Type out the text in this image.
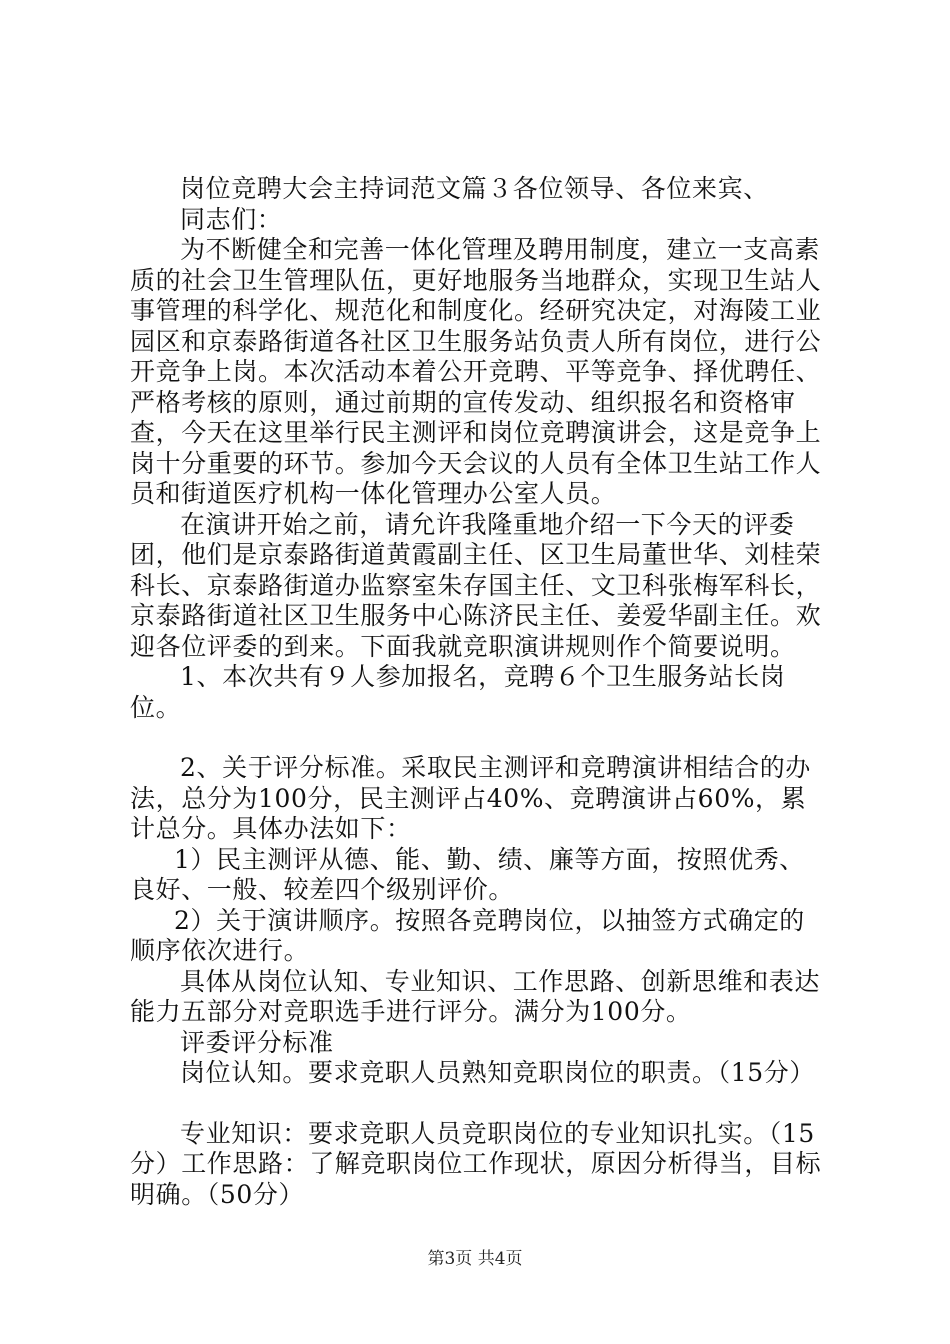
岗位竞聘大会主持词范文篇３各位领导、各位来宾、

同志们：

为不断健全和完善一体化管理及聘用制度，建立一支高素质的社会卫生管理队伍，更好地服务当地群众，实现卫生站人事管理的科学化、规范化和制度化。经研究决定，对海陵工业园区和京泰路街道各社区卫生服务站负责人所有岗位，进行公开竞争上岗。本次活动本着公开竞聘、平等竞争、择优聘任、严格考核的原则，通过前期的宣传发动、组织报名和资格审查，今天在这里举行民主测评和岗位竞聘演讲会，这是竞争上岗十分重要的环节。参加今天会议的人员有全体卫生站工作人员和街道医疗机构一体化管理办公室人员。

在演讲开始之前，请允许我隆重地介绍一下今天的评委团，他们是京泰路街道黄霞副主任、区卫生局董世华、刘桂荣科长、京泰路街道办监察室朱存国主任、文卫科张梅军科长，京泰路街道社区卫生服务中心陈济民主任、姜爱华副主任。欢迎各位评委的到来。下面我就竞职演讲规则作个简要说明。

1、本次共有９人参加报名，竞聘６个卫生服务站长岗位。

2、关于评分标准。采取民主测评和竞聘演讲相结合的办法，总分为100分，民主测评占40%、竞聘演讲占60%，累计总分。具体办法如下：

1）民主测评从德、能、勤、绩、廉等方面，按照优秀、良好、一般、较差四个级别评价。

2）关于演讲顺序。按照各竞聘岗位，以抽签方式确定的顺序依次进行。

具体从岗位认知、专业知识、工作思路、创新思维和表达能力五部分对竞职选手进行评分。满分为100分。

评委评分标准

岗位认知。要求竞职人员熟知竞职岗位的职责。（15分）

专业知识：要求竞职人员竞职岗位的专业知识扎实。（15分）工作思路：了解竞职岗位工作现状，原因分析得当，目标明确。（50分）

第3页 共4页
